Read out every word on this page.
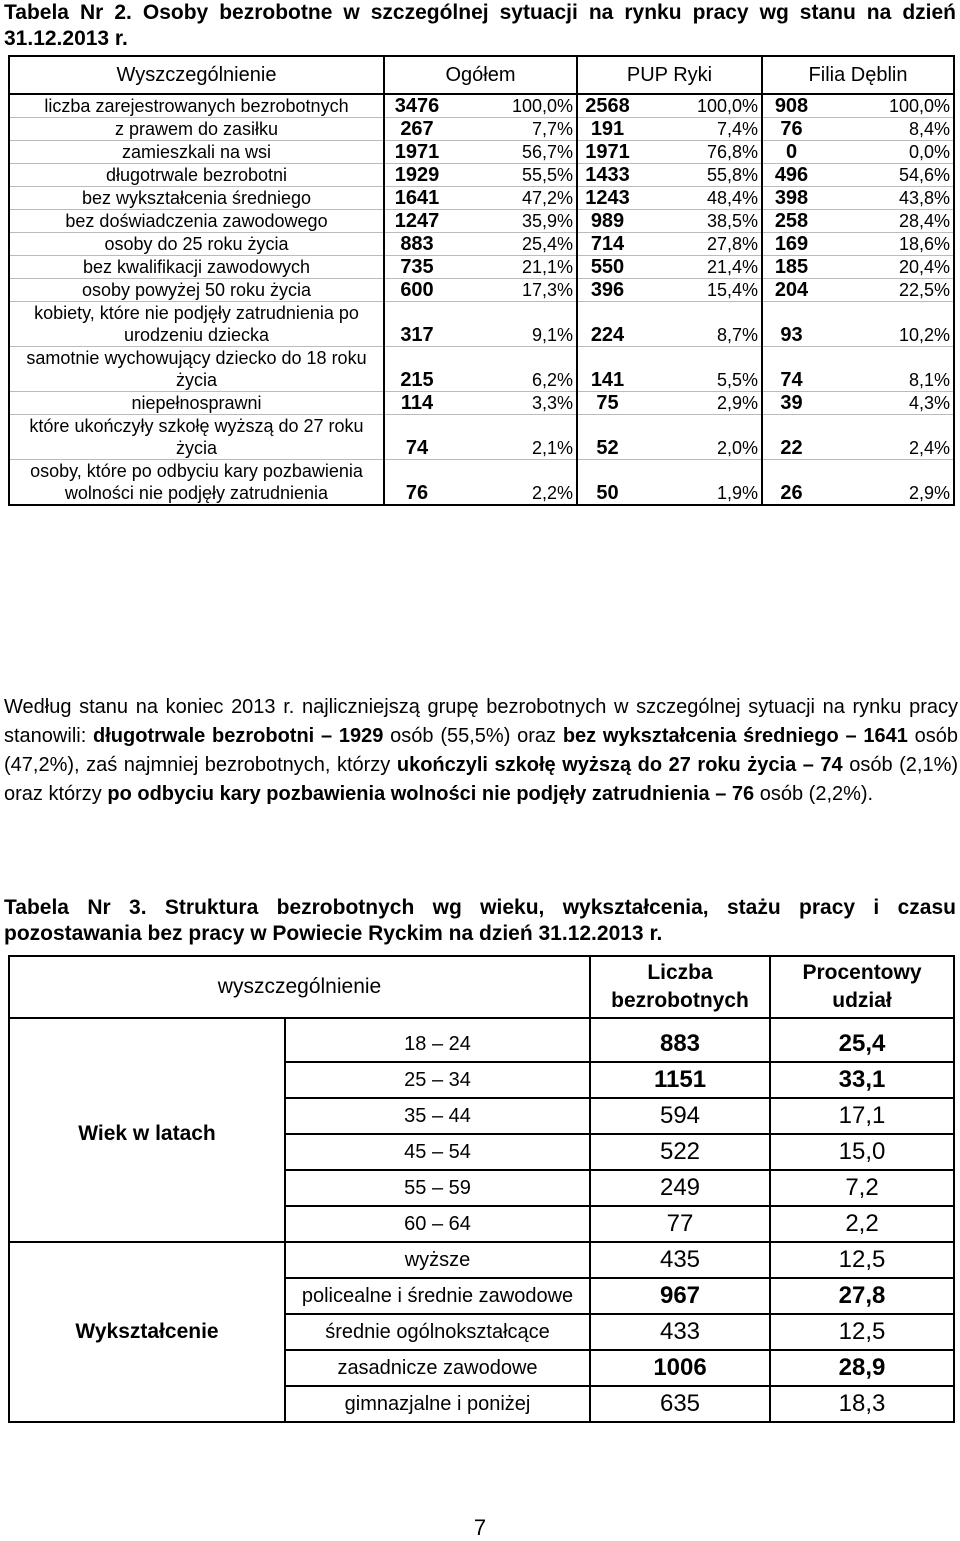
Tabela Nr 2. Osoby bezrobotne w szczególnej sytuacji na rynku pracy wg stanu na dzień 31.12.2013 r.
Wyszczególnienie	Ogółem		PUP Ryki		Filia Dęblin	
liczba zarejestrowanych bezrobotnych	3476	100,0%	2568	100,0%	908	100,0%
z prawem do zasiłku	267	7,7%	191	7,4%	76	8,4%
zamieszkali na wsi	1971	56,7%	1971	76,8%	0	0,0%
długotrwale bezrobotni	1929	55,5%	1433	55,8%	496	54,6%
bez wykształcenia średniego	1641	47,2%	1243	48,4%	398	43,8%
bez doświadczenia zawodowego	1247	35,9%	989	38,5%	258	28,4%
osoby do 25 roku życia	883	25,4%	714	27,8%	169	18,6%
bez kwalifikacji zawodowych	735	21,1%	550	21,4%	185	20,4%
osoby powyżej 50 roku życia	600	17,3%	396	15,4%	204	22,5%
kobiety, które nie podjęły zatrudnienia po urodzeniu dziecka	317	9,1%	224	8,7%	93	10,2%
samotnie wychowujący dziecko do 18 roku życia	215	6,2%	141	5,5%	74	8,1%
niepełnosprawni	114	3,3%	75	2,9%	39	4,3%
które ukończyły szkołę wyższą do 27 roku życia	74	2,1%	52	2,0%	22	2,4%
osoby, które po odbyciu kary pozbawienia wolności nie podjęły zatrudnienia	76	2,2%	50	1,9%	26	2,9%
Według stanu na koniec 2013 r. najliczniejszą grupę bezrobotnych w szczególnej sytuacji na rynku pracy stanowili: długotrwale bezrobotni – 1929 osób (55,5%) oraz bez wykształcenia średniego – 1641 osób (47,2%), zaś najmniej bezrobotnych, którzy ukończyli szkołę wyższą do 27 roku życia – 74 osób (2,1%) oraz którzy po odbyciu kary pozbawienia wolności nie podjęły zatrudnienia – 76 osób (2,2%).
Tabela Nr 3. Struktura bezrobotnych wg wieku, wykształcenia, stażu pracy i czasu pozostawania bez pracy w Powiecie Ryckim na dzień 31.12.2013 r.
wyszczególnienie		Liczba bezrobotnych	Procentowy udział
Wiek w latach	18 – 24	883	25,4
	25 – 34	1151	33,1
	35 – 44	594	17,1
	45 – 54	522	15,0
	55 – 59	249	7,2
	60 – 64	77	2,2
Wykształcenie	wyższe	435	12,5
	policealne i średnie zawodowe	967	27,8
	średnie ogólnokształcące	433	12,5
	zasadnicze zawodowe	1006	28,9
	gimnazjalne i poniżej	635	18,3
7
